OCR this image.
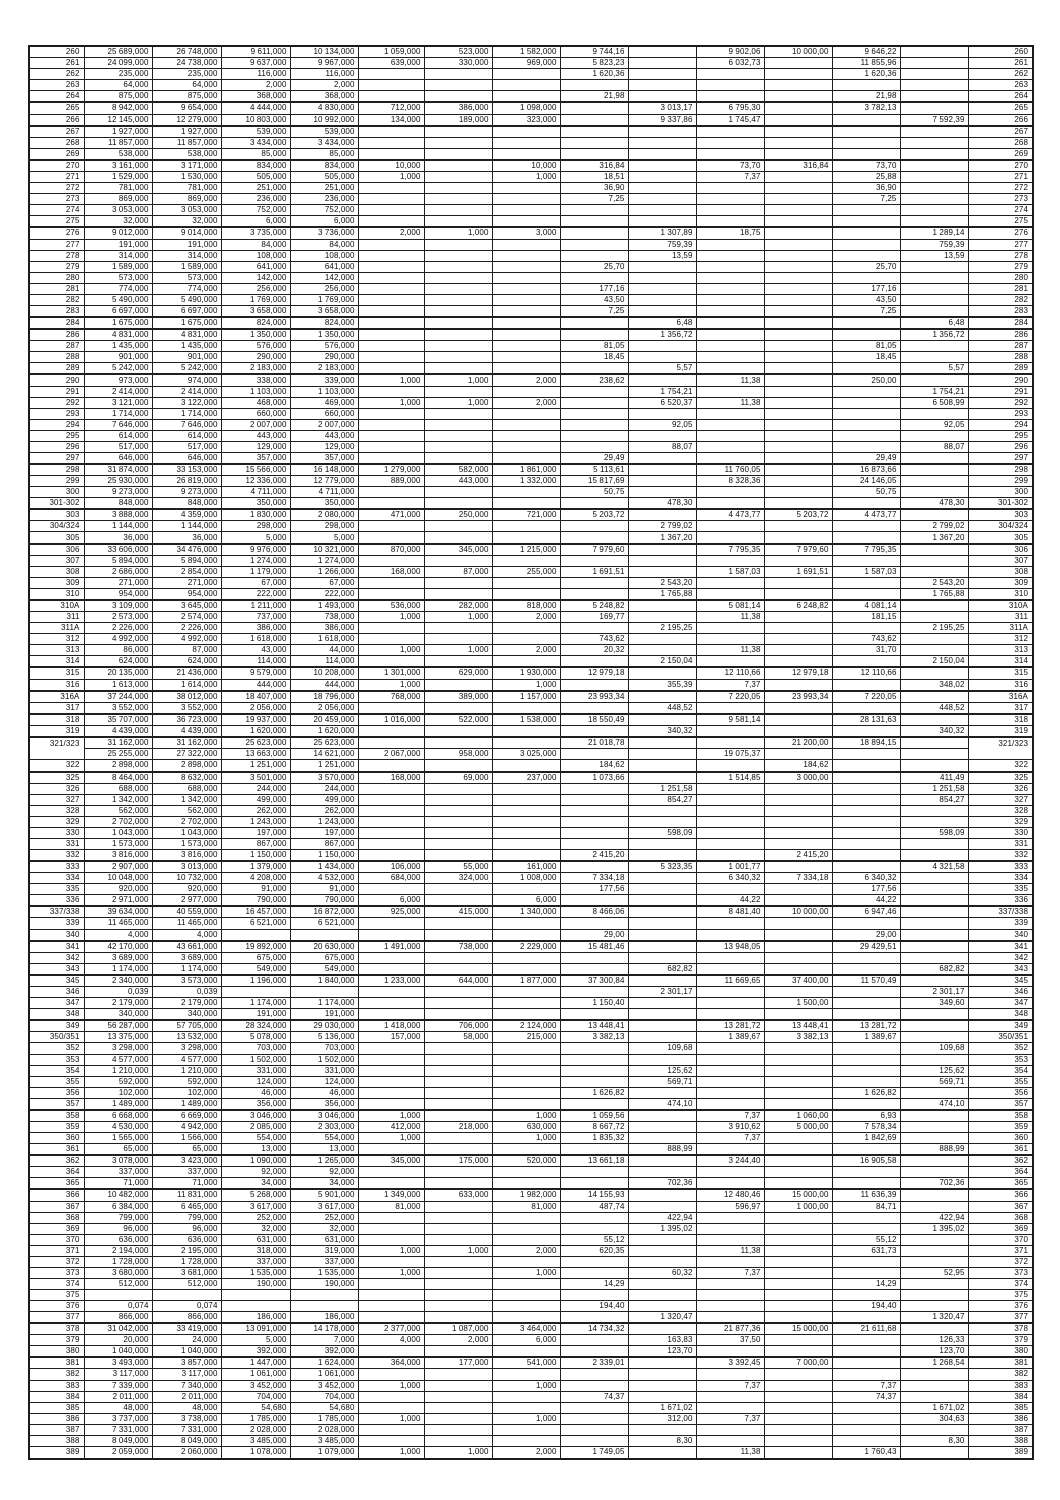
260	25 689,000	26 748,000	9 611,000	10 134,000	1 059,000	523,000	1 582,000	9 744,16		9 902,06	10 000,00	9 646,22		260
261	24 099,000	24 738,000	9 637,000	9 967,000	639,000	330,000	969,000	5 823,23		6 032,73		11 855,96		261
262	235,000	235,000	116,000	116,000				1 620,36				1 620,36		262
263	64,000	64,000	2,000	2,000										263
264	875,000	875,000	368,000	368,000				21,98				21,98		264
265	8 942,000	9 654,000	4 444,000	4 830,000	712,000	386,000	1 098,000		3 013,17	6 795,30		3 782,13		265
266	12 145,000	12 279,000	10 803,000	10 992,000	134,000	189,000	323,000		9 337,86	1 745,47			7 592,39	266
267	1 927,000	1 927,000	539,000	539,000										267
268	11 857,000	11 857,000	3 434,000	3 434,000										268
269	538,000	538,000	85,000	85,000										269
270	3 161,000	3 171,000	834,000	834,000	10,000		10,000	316,84		73,70	316,84	73,70		270
271	1 529,000	1 530,000	505,000	505,000	1,000		1,000	18,51		7,37		25,88		271
272	781,000	781,000	251,000	251,000				36,90				36,90		272
273	869,000	869,000	236,000	236,000				7,25				7,25		273
274	3 053,000	3 053,000	752,000	752,000										274
275	32,000	32,000	6,000	6,000										275
276	9 012,000	9 014,000	3 735,000	3 736,000	2,000	1,000	3,000		1 307,89	18,75			1 289,14	276
277	191,000	191,000	84,000	84,000					759,39				759,39	277
278	314,000	314,000	108,000	108,000					13,59				13,59	278
279	1 589,000	1 589,000	641,000	641,000				25,70				25,70		279
280	573,000	573,000	142,000	142,000										280
281	774,000	774,000	256,000	256,000				177,16				177,16		281
282	5 490,000	5 490,000	1 769,000	1 769,000				43,50				43,50		282
283	6 697,000	6 697,000	3 658,000	3 658,000				7,25				7,25		283
284	1 675,000	1 675,000	824,000	824,000					6,48				6,48	284
286	4 831,000	4 831,000	1 350,000	1 350,000					1 356,72				1 356,72	286
287	1 435,000	1 435,000	576,000	576,000				81,05				81,05		287
288	901,000	901,000	290,000	290,000				18,45				18,45		288
289	5 242,000	5 242,000	2 183,000	2 183,000					5,57				5,57	289
290	973,000	974,000	338,000	339,000	1,000	1,000	2,000	238,62		11,38		250,00		290
291	2 414,000	2 414,000	1 103,000	1 103,000					1 754,21				1 754,21	291
292	3 121,000	3 122,000	468,000	469,000	1,000	1,000	2,000		6 520,37	11,38			6 508,99	292
293	1 714,000	1 714,000	660,000	660,000										293
294	7 646,000	7 646,000	2 007,000	2 007,000					92,05				92,05	294
295	614,000	614,000	443,000	443,000										295
296	517,000	517,000	129,000	129,000					88,07				88,07	296
297	646,000	646,000	357,000	357,000				29,49				29,49		297
298	31 874,000	33 153,000	15 566,000	16 148,000	1 279,000	582,000	1 861,000	5 113,61		11 760,05		16 873,66		298
299	25 930,000	26 819,000	12 336,000	12 779,000	889,000	443,000	1 332,000	15 817,69		8 328,36		24 146,05		299
300	9 273,000	9 273,000	4 711,000	4 711,000				50,75				50,75		300
301-302	848,000	848,000	350,000	350,000					478,30				478,30	301-302
303	3 888,000	4 359,000	1 830,000	2 080,000	471,000	250,000	721,000	5 203,72		4 473,77	5 203,72	4 473,77		303
304/324	1 144,000	1 144,000	298,000	298,000					2 799,02				2 799,02	304/324
305	36,000	36,000	5,000	5,000					1 367,20				1 367,20	305
306	33 606,000	34 476,000	9 976,000	10 321,000	870,000	345,000	1 215,000	7 979,60		7 795,35	7 979,60	7 795,35		306
307	5 894,000	5 894,000	1 274,000	1 274,000										307
308	2 686,000	2 854,000	1 179,000	1 266,000	168,000	87,000	255,000	1 691,51		1 587,03	1 691,51	1 587,03		308
309	271,000	271,000	67,000	67,000					2 543,20				2 543,20	309
310	954,000	954,000	222,000	222,000					1 765,88				1 765,88	310
310A	3 109,000	3 645,000	1 211,000	1 493,000	536,000	282,000	818,000	5 248,82		5 081,14	6 248,82	4 081,14		310A
311	2 573,000	2 574,000	737,000	738,000	1,000	1,000	2,000	169,77		11,38		181,15		311
311A	2 226,000	2 226,000	386,000	386,000					2 195,25				2 195,25	311A
312	4 992,000	4 992,000	1 618,000	1 618,000				743,62				743,62		312
313	86,000	87,000	43,000	44,000	1,000	1,000	2,000	20,32		11,38		31,70		313
314	624,000	624,000	114,000	114,000					2 150,04				2 150,04	314
315	20 135,000	21 436,000	9 579,000	10 208,000	1 301,000	629,000	1 930,000	12 979,18		12 110,66	12 979,18	12 110,66		315
316	1 613,000	1 614,000	444,000	444,000	1,000		1,000		355,39	7,37			348,02	316
316A	37 244,000	38 012,000	18 407,000	18 796,000	768,000	389,000	1 157,000	23 993,34		7 220,05	23 993,34	7 220,05		316A
317	3 552,000	3 552,000	2 056,000	2 056,000					448,52				448,52	317
318	35 707,000	36 723,000	19 937,000	20 459,000	1 016,000	522,000	1 538,000	18 550,49		9 581,14		28 131,63		318
319	4 439,000	4 439,000	1 620,000	1 620,000					340,32				340,32	319
321/323	31 162,000	31 162,000	25 623,000	25 623,000				21 018,78			21 200,00	18 894,15		321/323
	25 255,000	27 322,000	13 663,000	14 621,000	2 067,000	958,000	3 025,000			19 075,37				
322	2 898,000	2 898,000	1 251,000	1 251,000				184,62			184,62			322
325	8 464,000	8 632,000	3 501,000	3 570,000	168,000	69,000	237,000	1 073,66		1 514,85	3 000,00		411,49	325
326	688,000	688,000	244,000	244,000					1 251,58				1 251,58	326
327	1 342,000	1 342,000	499,000	499,000					854,27				854,27	327
328	562,000	562,000	262,000	262,000										328
329	2 702,000	2 702,000	1 243,000	1 243,000										329
330	1 043,000	1 043,000	197,000	197,000					598,09				598,09	330
331	1 573,000	1 573,000	867,000	867,000										331
332	3 816,000	3 816,000	1 150,000	1 150,000				2 415,20			2 415,20			332
333	2 907,000	3 013,000	1 379,000	1 434,000	106,000	55,000	161,000		5 323,35	1 001,77			4 321,58	333
334	10 048,000	10 732,000	4 208,000	4 532,000	684,000	324,000	1 008,000	7 334,18		6 340,32	7 334,18	6 340,32		334
335	920,000	920,000	91,000	91,000				177,56				177,56		335
336	2 971,000	2 977,000	790,000	790,000	6,000		6,000			44,22		44,22		336
337/338	39 634,000	40 559,000	16 457,000	16 872,000	925,000	415,000	1 340,000	8 466,06		8 481,40	10 000,00	6 947,46		337/338
339	11 465,000	11 465,000	6 521,000	6 521,000										339
340	4,000	4,000						29,00				29,00		340
341	42 170,000	43 661,000	19 892,000	20 630,000	1 491,000	738,000	2 229,000	15 481,46		13 948,05		29 429,51		341
342	3 689,000	3 689,000	675,000	675,000										342
343	1 174,000	1 174,000	549,000	549,000					682,82				682,82	343
345	2 340,000	3 573,000	1 196,000	1 840,000	1 233,000	644,000	1 877,000	37 300,84		11 669,65	37 400,00	11 570,49		345
346	0,039	0,039							2 301,17				2 301,17	346
347	2 179,000	2 179,000	1 174,000	1 174,000				1 150,40			1 500,00		349,60	347
348	340,000	340,000	191,000	191,000										348
349	56 287,000	57 705,000	28 324,000	29 030,000	1 418,000	706,000	2 124,000	13 448,41		13 281,72	13 448,41	13 281,72		349
350/351	13 375,000	13 532,000	5 078,000	5 136,000	157,000	58,000	215,000	3 382,13		1 389,67	3 382,13	1 389,67		350/351
352	3 298,000	3 298,000	703,000	703,000					109,68				109,68	352
353	4 577,000	4 577,000	1 502,000	1 502,000										353
354	1 210,000	1 210,000	331,000	331,000					125,62				125,62	354
355	592,000	592,000	124,000	124,000					569,71				569,71	355
356	102,000	102,000	46,000	46,000				1 626,82				1 626,82		356
357	1 489,000	1 489,000	356,000	356,000					474,10				474,10	357
358	6 668,000	6 669,000	3 046,000	3 046,000	1,000		1,000	1 059,56		7,37	1 060,00	6,93		358
359	4 530,000	4 942,000	2 085,000	2 303,000	412,000	218,000	630,000	8 667,72		3 910,62	5 000,00	7 578,34		359
360	1 565,000	1 566,000	554,000	554,000	1,000		1,000	1 835,32		7,37		1 842,69		360
361	65,000	65,000	13,000	13,000					888,99				888,99	361
362	3 078,000	3 423,000	1 090,000	1 265,000	345,000	175,000	520,000	13 661,18		3 244,40		16 905,58		362
364	337,000	337,000	92,000	92,000										364
365	71,000	71,000	34,000	34,000					702,36				702,36	365
366	10 482,000	11 831,000	5 268,000	5 901,000	1 349,000	633,000	1 982,000	14 155,93		12 480,46	15 000,00	11 636,39		366
367	6 384,000	6 465,000	3 617,000	3 617,000	81,000		81,000	487,74		596,97	1 000,00	84,71		367
368	799,000	799,000	252,000	252,000					422,94				422,94	368
369	96,000	96,000	32,000	32,000					1 395,02				1 395,02	369
370	636,000	636,000	631,000	631,000				55,12				55,12		370
371	2 194,000	2 195,000	318,000	319,000	1,000	1,000	2,000	620,35		11,38		631,73		371
372	1 728,000	1 728,000	337,000	337,000										372
373	3 680,000	3 681,000	1 535,000	1 535,000	1,000		1,000		60,32	7,37			52,95	373
374	512,000	512,000	190,000	190,000				14,29				14,29		374
375														375
376	0,074	0,074						194,40				194,40		376
377	866,000	866,000	186,000	186,000					1 320,47				1 320,47	377
378	31 042,000	33 419,000	13 091,000	14 178,000	2 377,000	1 087,000	3 464,000	14 734,32		21 877,36	15 000,00	21 611,68		378
379	20,000	24,000	5,000	7,000	4,000	2,000	6,000		163,83	37,50			126,33	379
380	1 040,000	1 040,000	392,000	392,000					123,70				123,70	380
381	3 493,000	3 857,000	1 447,000	1 624,000	364,000	177,000	541,000	2 339,01		3 392,45	7 000,00		1 268,54	381
382	3 117,000	3 117,000	1 061,000	1 061,000										382
383	7 339,000	7 340,000	3 452,000	3 452,000	1,000		1,000			7,37		7,37		383
384	2 011,000	2 011,000	704,000	704,000				74,37				74,37		384
385	48,000	48,000	54,680	54,680					1 671,02				1 671,02	385
386	3 737,000	3 738,000	1 785,000	1 785,000	1,000		1,000		312,00	7,37			304,63	386
387	7 331,000	7 331,000	2 028,000	2 028,000										387
388	8 049,000	8 049,000	3 485,000	3 485,000					8,30				8,30	388
389	2 059,000	2 060,000	1 078,000	1 079,000	1,000	1,000	2,000	1 749,05		11,38		1 760,43		389
